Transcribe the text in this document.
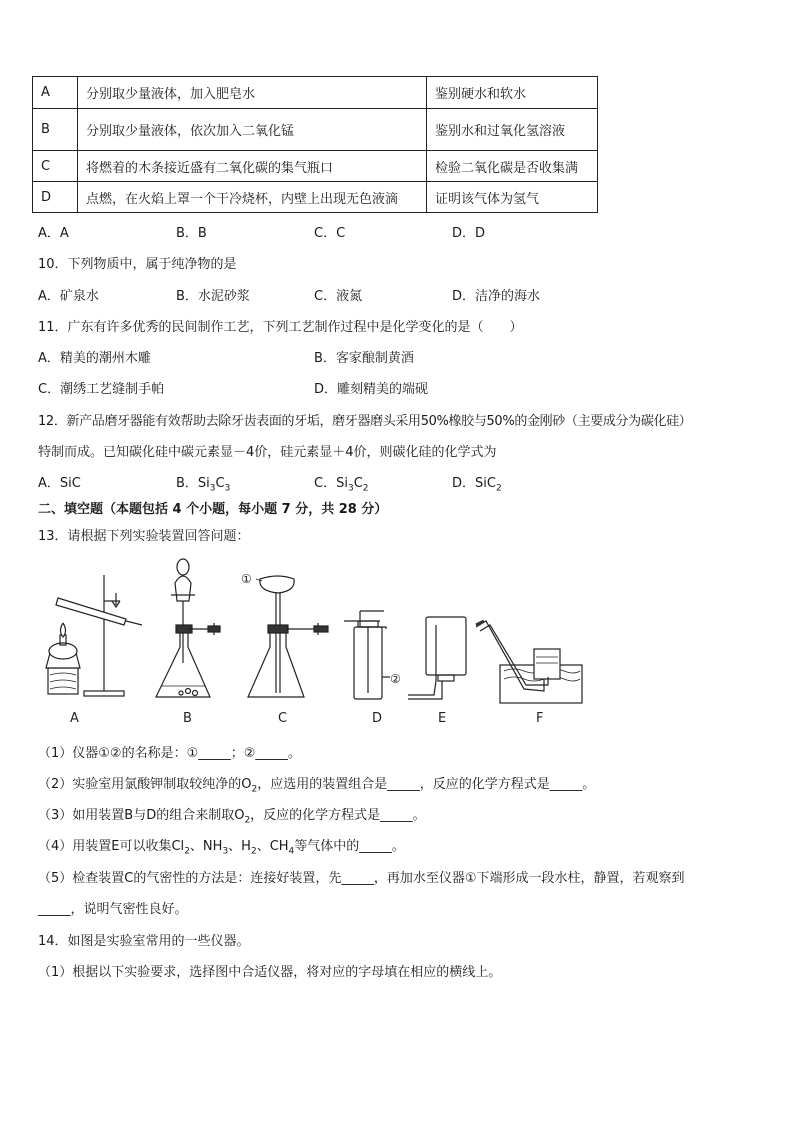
A	分别取少量液体，加入肥皂水	鉴别硬水和软水
B	分别取少量液体，依次加入二氧化锰	鉴别水和过氧化氢溶液
C	将燃着的木条接近盛有二氧化碳的集气瓶口	检验二氧化碳是否收集满
D	点燃，在火焰上罩一个干冷烧杯，内壁上出现无色液滴	证明该气体为氢气
A．A	B．B	C．C	D．D
10．下列物质中，属于纯净物的是
A．矿泉水	B．水泥砂浆	C．液氮	D．洁净的海水
11．广东有许多优秀的民间制作工艺，下列工艺制作过程中是化学变化的是（　　）
A．精美的潮州木雕	B．客家酿制黄酒
C．潮绣工艺缝制手帕	D．雕刻精美的端砚
12．新产品磨牙器能有效帮助去除牙齿表面的牙垢，磨牙器磨头采用50%橡胶与50%的金刚砂（主要成分为碳化硅）
特制而成。已知碳化硅中碳元素显－4价，硅元素显＋4价，则碳化硅的化学式为
A．SiC	B．$Si_3C_3$	C．$Si_3C_2$	D．SiC$_2$
二、填空题（本题包括 4 个小题，每小题 7 分，共 28 分）
13．请根据下列实验装置回答问题：
A	B
①
C
②
D	E	F
（1）仪器①②的名称是：①_____；②_____。
（2）实验室用氯酸钾制取较纯净的$O_2$，应选用的装置组合是_____，反应的化学方程式是_____。
（3）如用装置B与D的组合来制取$O_2$，反应的化学方程式是_____。
（4）用装置E可以收集$Cl_2$、$NH_3$、$H_2$、$CH_4$等气体中的_____。
（5）检查装置C的气密性的方法是：连接好装置，先_____，再加水至仪器①下端形成一段水柱，静置，若观察到
_____，说明气密性良好。
14．如图是实验室常用的一些仪器。
（1）根据以下实验要求，选择图中合适仪器，将对应的字母填在相应的横线上。
